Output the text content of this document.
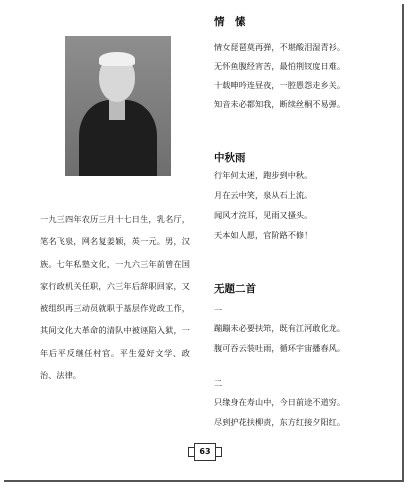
一九三四年农历三月十七日生，乳名厅，笔名飞泉，网名复姜颖，英一元。男，汉族。七年私塾文化，一九六三年前曾在国家行政机关任职，六三年后辞职回家，又被组织再三动员就职于基层作党政工作，其间文化大革命的清队中被诬陷入狱，一年后平反继任村官。平生爱好文学、政治、法律。

情　愫

情女琵琶莫再弹，不堪酸泪湿青衫。

无怀鱼腹经宵苦，最怕荆钗度日难。

十载呻吟连昼夜，一腔愚怨走乡关。

知音未必都知我，断续丝桐不易弹。

中秋雨

行年何太迷，跑步到中秋。

月在云中笑，泉从石上流。

闻风才浣耳，见雨又搔头。

天本如人愿，官阶路不修！

无题二首

一

蹦蹦未必要扶筇，既有江河敢化龙。

腹可吞云装吐雨，循环宇宙播春风。

二

只缘身在寿山中，今日前途不道穷。

尽到护花扶柳责，东方红接夕阳红。

63
